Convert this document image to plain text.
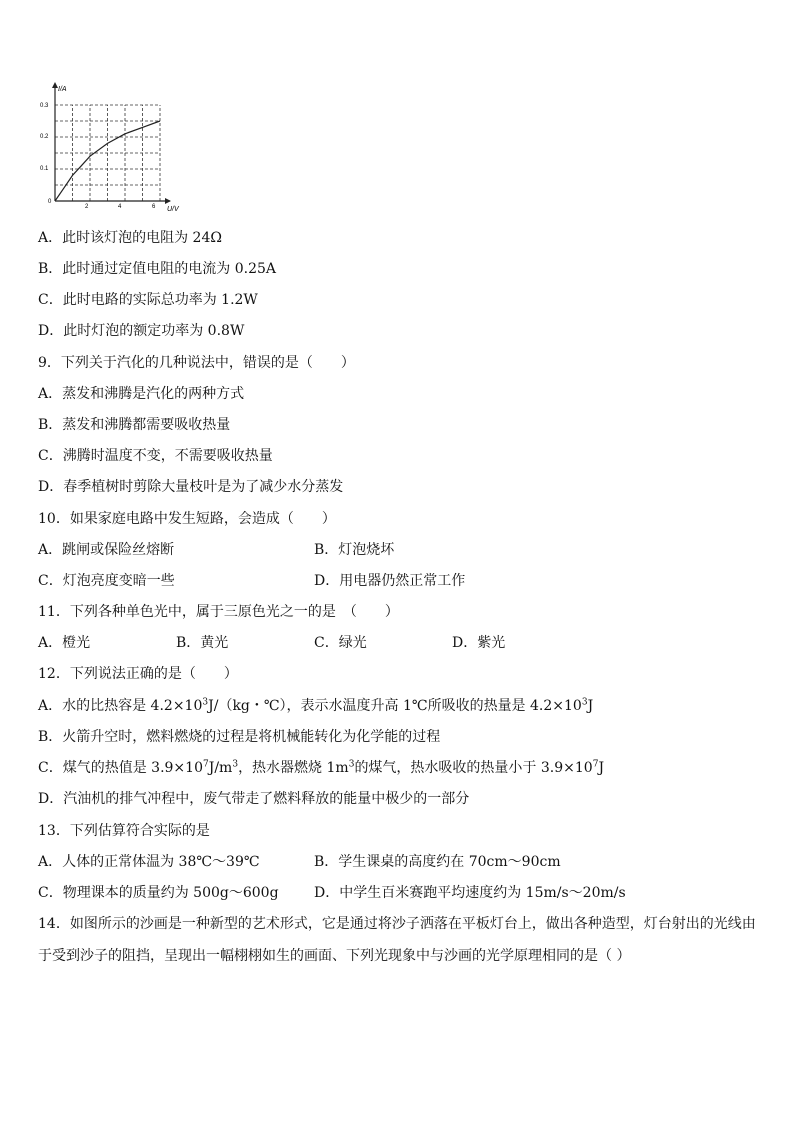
I/A
U/V
0.3
0.2
0.1
0
2	4	6
A．此时该灯泡的电阻为 24Ω
B．此时通过定值电阻的电流为 0.25A
C．此时电路的实际总功率为 1.2W
D．此时灯泡的额定功率为 0.8W
9．下列关于汽化的几种说法中，错误的是（　　）
A．蒸发和沸腾是汽化的两种方式
B．蒸发和沸腾都需要吸收热量
C．沸腾时温度不变，不需要吸收热量
D．春季植树时剪除大量枝叶是为了减少水分蒸发
10．如果家庭电路中发生短路，会造成（　　）
A．跳闸或保险丝熔断	B．灯泡烧坏
C．灯泡亮度变暗一些	D．用电器仍然正常工作
11．下列各种单色光中，属于三原色光之一的是　（　　）
A．橙光	B．黄光	C．绿光	D．紫光
12．下列说法正确的是（　　）
A．水的比热容是 $4.2\times 10^3J/(kg$・℃），表示水温度升高 1℃所吸收的热量是 $4.2\times 10^3J$
B．火箭升空时，燃料燃烧的过程是将机械能转化为化学能的过程
C．煤气的热值是 $3.9\times 10^7J/m^3$，热水器燃烧 $1m^3$的煤气，热水吸收的热量小于 $3.9\times 10^7J$
D．汽油机的排气冲程中，废气带走了燃料释放的能量中极少的一部分
13．下列估算符合实际的是
A．人体的正常体温为 38℃～39℃	B．学生课桌的高度约在 70cm～90cm
C．物理课本的质量约为 500g～600g	D．中学生百米赛跑平均速度约为 15m/s～20m/s
14．如图所示的沙画是一种新型的艺术形式，它是通过将沙子洒落在平板灯台上，做出各种造型，灯台射出的光线由于受到沙子的阻挡，呈现出一幅栩栩如生的画面、下列光现象中与沙画的光学原理相同的是（ ）
